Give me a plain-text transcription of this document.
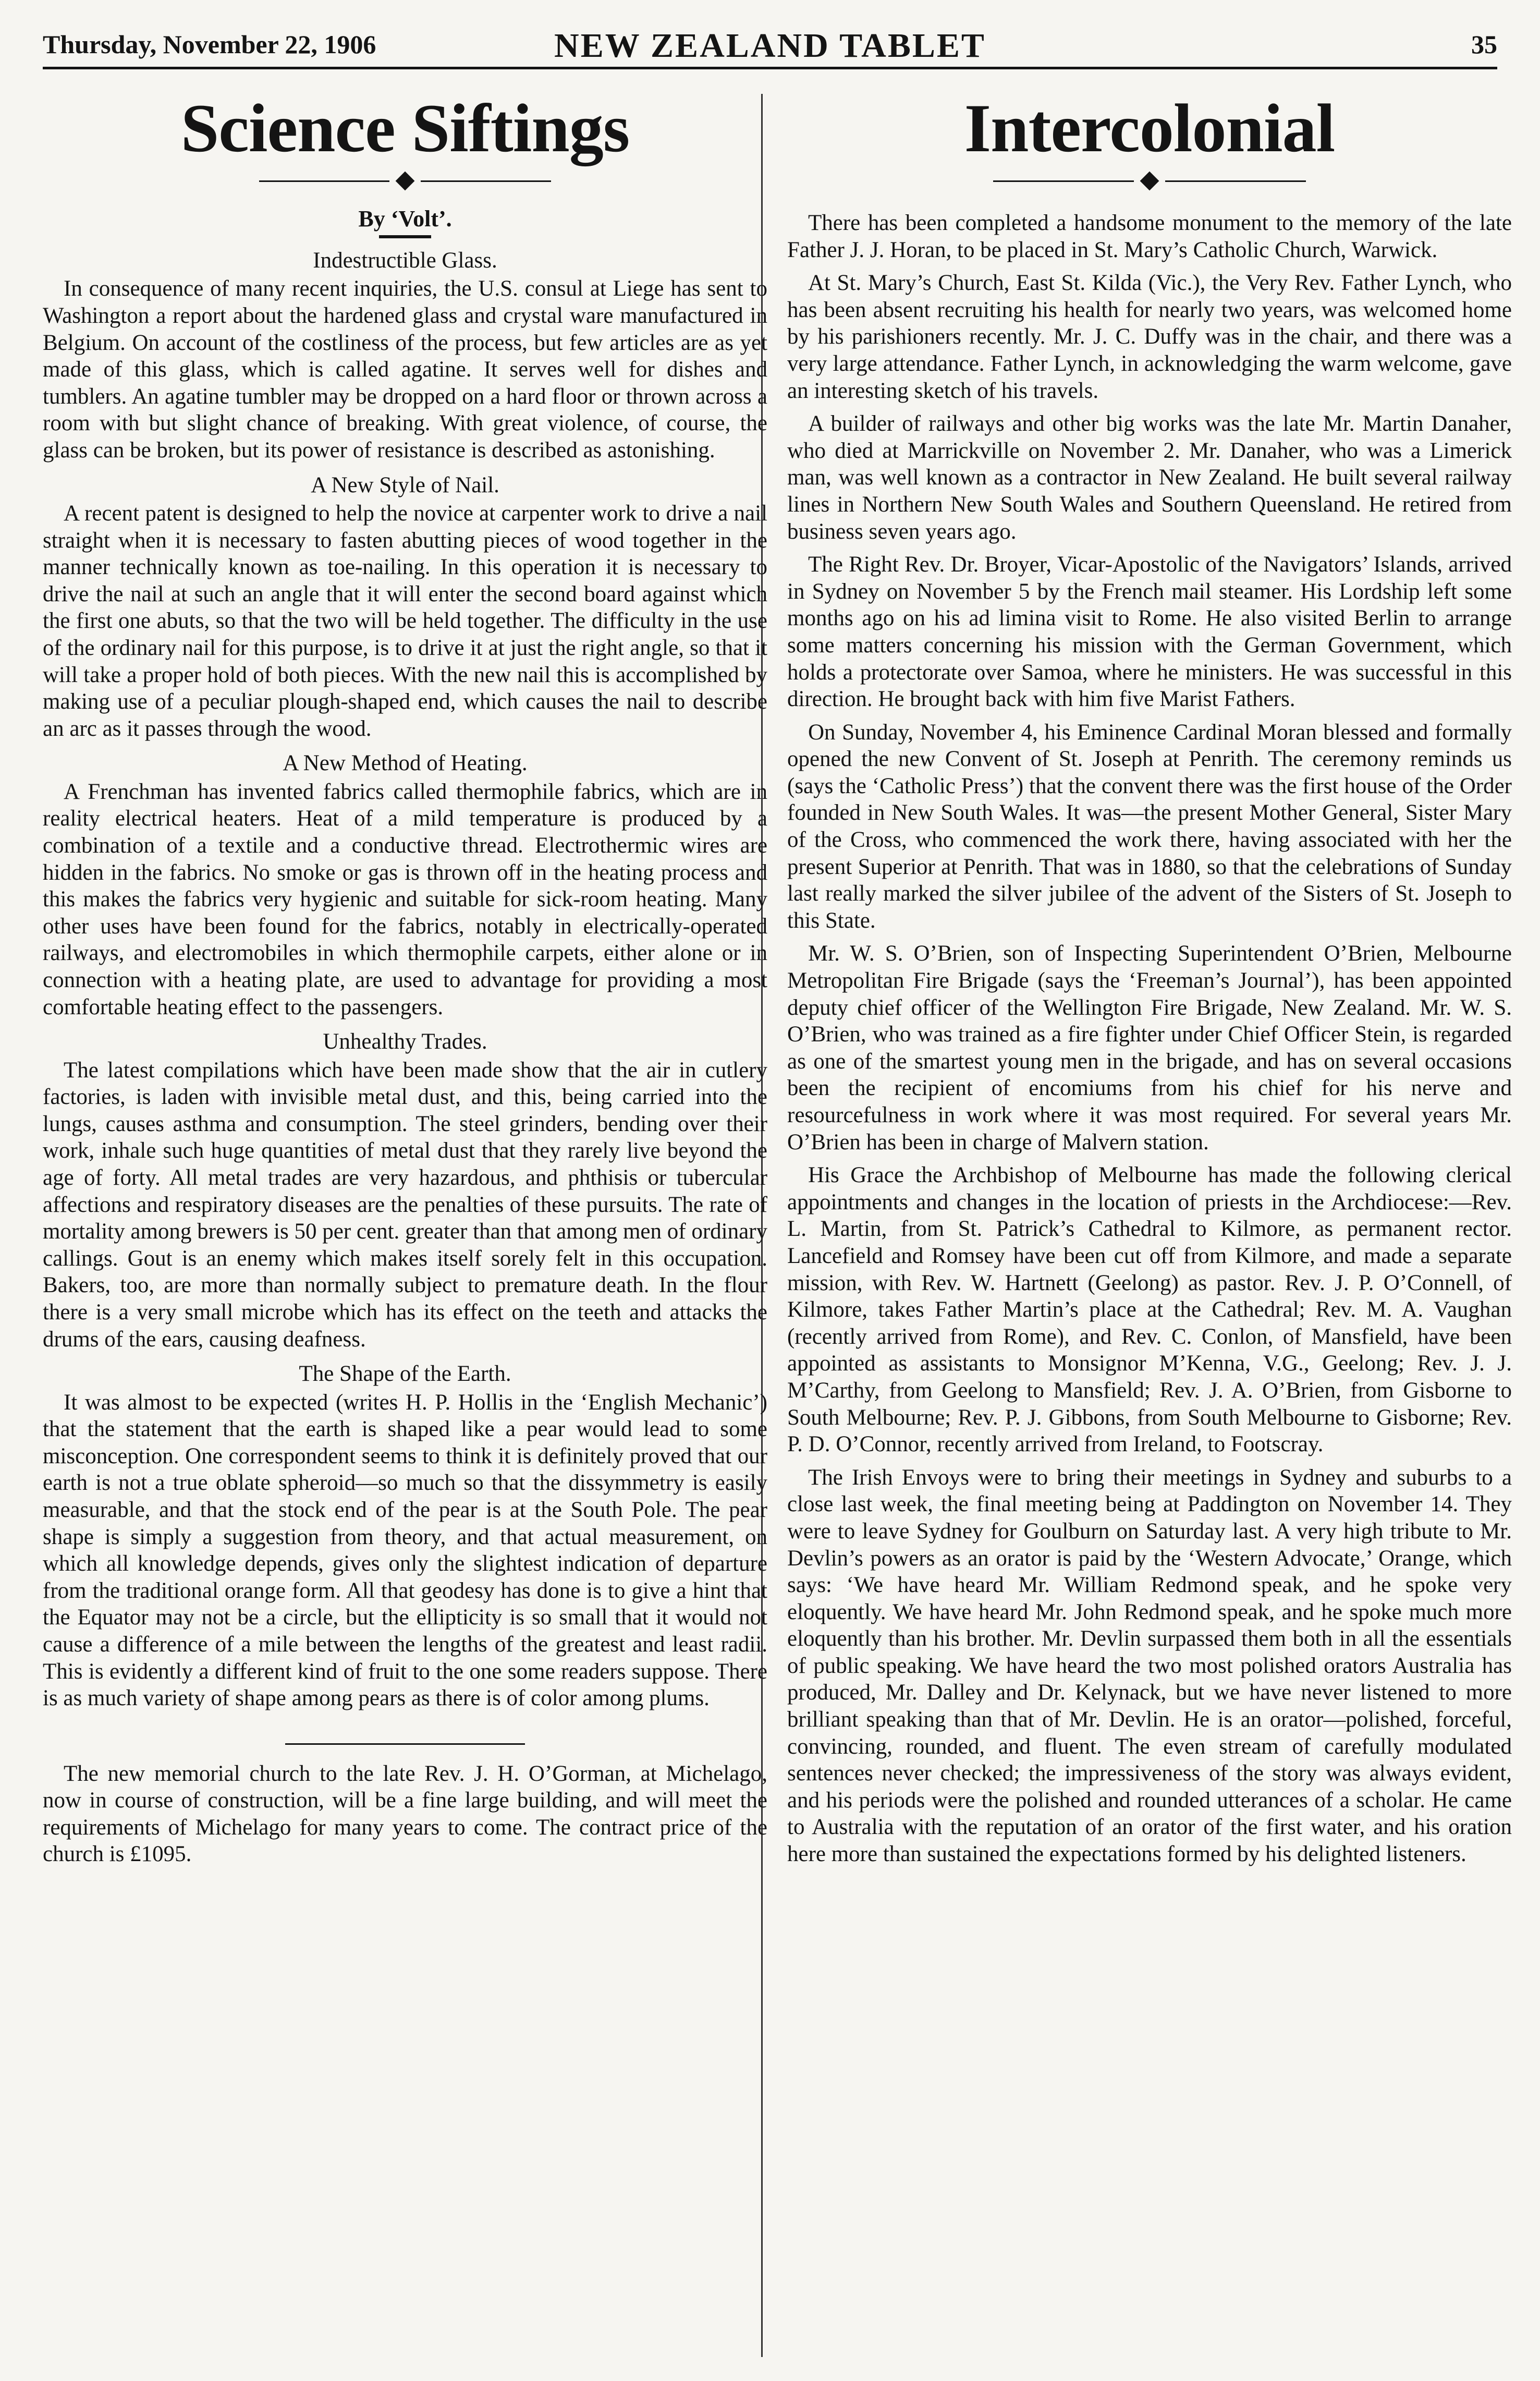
Thursday, November 22, 1906	NEW ZEALAND TABLET	35
Science Siftings
By ‘Volt’.
Indestructible Glass.

In consequence of many recent inquiries, the U.S. consul at Liege has sent to Washington a report about the hardened glass and crystal ware manufactured in Belgium. On account of the costliness of the process, but few articles are as yet made of this glass, which is called agatine. It serves well for dishes and tumblers. An agatine tumbler may be dropped on a hard floor or thrown across a room with but slight chance of breaking. With great violence, of course, the glass can be broken, but its power of resistance is described as astonishing.

A New Style of Nail.

A recent patent is designed to help the novice at carpenter work to drive a nail straight when it is necessary to fasten abutting pieces of wood together in the manner technically known as toe-nailing. In this operation it is necessary to drive the nail at such an angle that it will enter the second board against which the first one abuts, so that the two will be held together. The difficulty in the use of the ordinary nail for this purpose, is to drive it at just the right angle, so that it will take a proper hold of both pieces. With the new nail this is accomplished by making use of a peculiar plough-shaped end, which causes the nail to describe an arc as it passes through the wood.

A New Method of Heating.

A Frenchman has invented fabrics called thermophile fabrics, which are in reality electrical heaters. Heat of a mild temperature is produced by a combination of a textile and a conductive thread. Electrothermic wires are hidden in the fabrics. No smoke or gas is thrown off in the heating process and this makes the fabrics very hygienic and suitable for sick-room heating. Many other uses have been found for the fabrics, notably in electrically-operated railways, and electromobiles in which thermophile carpets, either alone or in connection with a heating plate, are used to advantage for providing a most comfortable heating effect to the passengers.

Unhealthy Trades.

The latest compilations which have been made show that the air in cutlery factories, is laden with invisible metal dust, and this, being carried into the lungs, causes asthma and consumption. The steel grinders, bending over their work, inhale such huge quantities of metal dust that they rarely live beyond the age of forty. All metal trades are very hazardous, and phthisis or tubercular affections and respiratory diseases are the penalties of these pursuits. The rate of mortality among brewers is 50 per cent. greater than that among men of ordinary callings. Gout is an enemy which makes itself sorely felt in this occupation. Bakers, too, are more than normally subject to premature death. In the flour there is a very small microbe which has its effect on the teeth and attacks the drums of the ears, causing deafness.

The Shape of the Earth.

It was almost to be expected (writes H. P. Hollis in the ‘English Mechanic’) that the statement that the earth is shaped like a pear would lead to some misconception. One correspondent seems to think it is definitely proved that our earth is not a true oblate spheroid—so much so that the dissymmetry is easily measurable, and that the stock end of the pear is at the South Pole. The pear shape is simply a suggestion from theory, and that actual measurement, on which all knowledge depends, gives only the slightest indication of departure from the traditional orange form. All that geodesy has done is to give a hint that the Equator may not be a circle, but the ellipticity is so small that it would not cause a difference of a mile between the lengths of the greatest and least radii. This is evidently a different kind of fruit to the one some readers suppose. There is as much variety of shape among pears as there is of color among plums.

The new memorial church to the late Rev. J. H. O’Gorman, at Michelago, now in course of construction, will be a fine large building, and will meet the requirements of Michelago for many years to come. The contract price of the church is £1095.

Intercolonial

There has been completed a handsome monument to the memory of the late Father J. J. Horan, to be placed in St. Mary’s Catholic Church, Warwick.

At St. Mary’s Church, East St. Kilda (Vic.), the Very Rev. Father Lynch, who has been absent recruiting his health for nearly two years, was welcomed home by his parishioners recently. Mr. J. C. Duffy was in the chair, and there was a very large attendance. Father Lynch, in acknowledging the warm welcome, gave an interesting sketch of his travels.

A builder of railways and other big works was the late Mr. Martin Danaher, who died at Marrickville on November 2. Mr. Danaher, who was a Limerick man, was well known as a contractor in New Zealand. He built several railway lines in Northern New South Wales and Southern Queensland. He retired from business seven years ago.

The Right Rev. Dr. Broyer, Vicar-Apostolic of the Navigators’ Islands, arrived in Sydney on November 5 by the French mail steamer. His Lordship left some months ago on his ad limina visit to Rome. He also visited Berlin to arrange some matters concerning his mission with the German Government, which holds a protectorate over Samoa, where he ministers. He was successful in this direction. He brought back with him five Marist Fathers.

On Sunday, November 4, his Eminence Cardinal Moran blessed and formally opened the new Convent of St. Joseph at Penrith. The ceremony reminds us (says the ‘Catholic Press’) that the convent there was the first house of the Order founded in New South Wales. It was—the present Mother General, Sister Mary of the Cross, who commenced the work there, having associated with her the present Superior at Penrith. That was in 1880, so that the celebrations of Sunday last really marked the silver jubilee of the advent of the Sisters of St. Joseph to this State.

Mr. W. S. O’Brien, son of Inspecting Superintendent O’Brien, Melbourne Metropolitan Fire Brigade (says the ‘Freeman’s Journal’), has been appointed deputy chief officer of the Wellington Fire Brigade, New Zealand. Mr. W. S. O’Brien, who was trained as a fire fighter under Chief Officer Stein, is regarded as one of the smartest young men in the brigade, and has on several occasions been the recipient of encomiums from his chief for his nerve and resourcefulness in work where it was most required. For several years Mr. O’Brien has been in charge of Malvern station.

His Grace the Archbishop of Melbourne has made the following clerical appointments and changes in the location of priests in the Archdiocese:—Rev. L. Martin, from St. Patrick’s Cathedral to Kilmore, as permanent rector. Lancefield and Romsey have been cut off from Kilmore, and made a separate mission, with Rev. W. Hartnett (Geelong) as pastor. Rev. J. P. O’Connell, of Kilmore, takes Father Martin’s place at the Cathedral; Rev. M. A. Vaughan (recently arrived from Rome), and Rev. C. Conlon, of Mansfield, have been appointed as assistants to Monsignor M’Kenna, V.G., Geelong; Rev. J. J. M’Carthy, from Geelong to Mansfield; Rev. J. A. O’Brien, from Gisborne to South Melbourne; Rev. P. J. Gibbons, from South Melbourne to Gisborne; Rev. P. D. O’Connor, recently arrived from Ireland, to Footscray.

The Irish Envoys were to bring their meetings in Sydney and suburbs to a close last week, the final meeting being at Paddington on November 14. They were to leave Sydney for Goulburn on Saturday last. A very high tribute to Mr. Devlin’s powers as an orator is paid by the ‘Western Advocate,’ Orange, which says: ‘We have heard Mr. William Redmond speak, and he spoke very eloquently. We have heard Mr. John Redmond speak, and he spoke much more eloquently than his brother. Mr. Devlin surpassed them both in all the essentials of public speaking. We have heard the two most polished orators Australia has produced, Mr. Dalley and Dr. Kelynack, but we have never listened to more brilliant speaking than that of Mr. Devlin. He is an orator—polished, forceful, convincing, rounded, and fluent. The even stream of carefully modulated sentences never checked; the impressiveness of the story was always evident, and his periods were the polished and rounded utterances of a scholar. He came to Australia with the reputation of an orator of the first water, and his oration here more than sustained the expectations formed by his delighted listeners.
